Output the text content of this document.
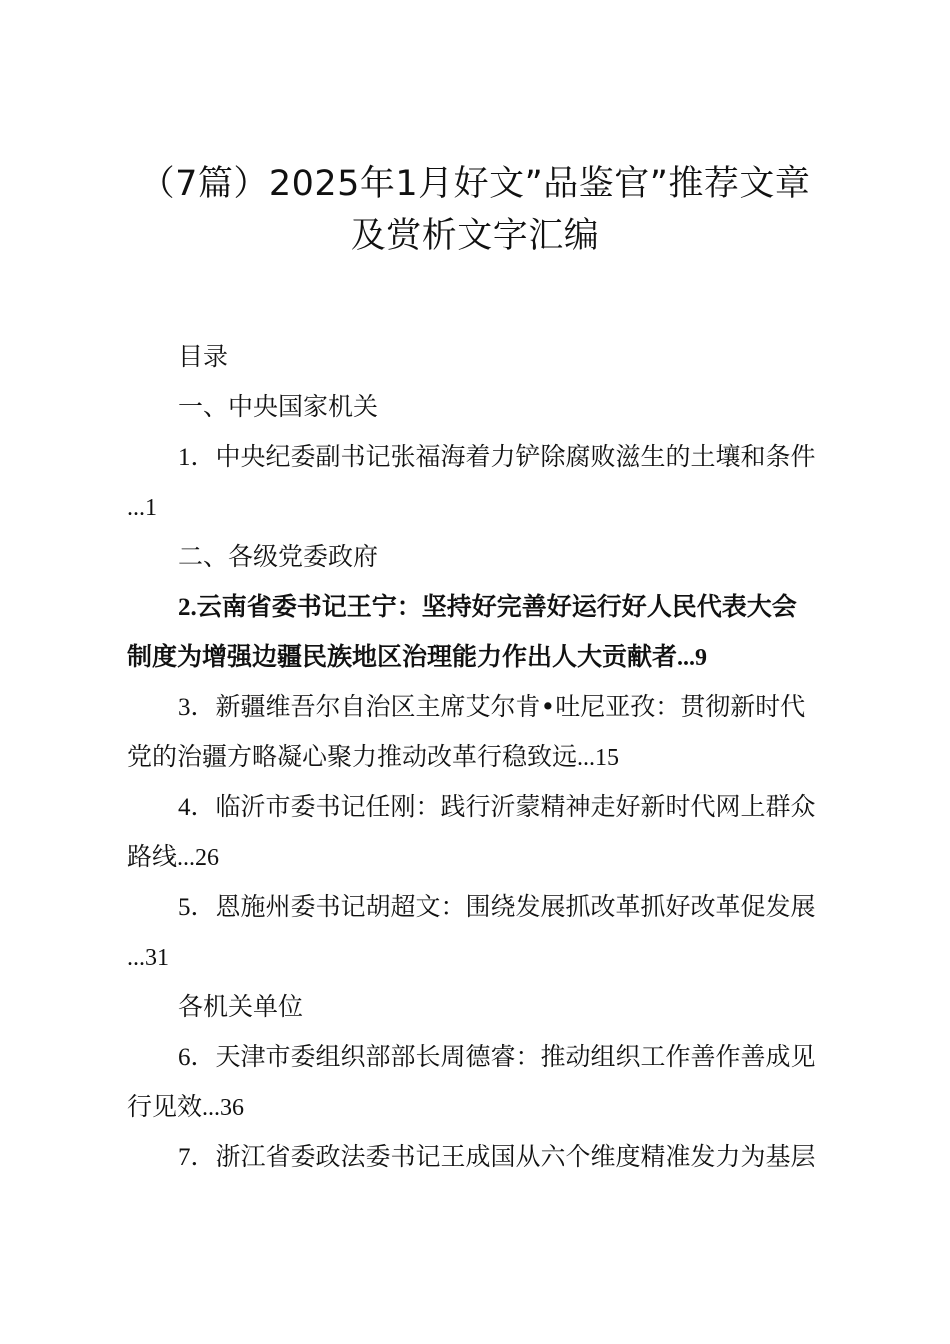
（7篇）2025年1月好文”品鉴官”推荐文章
及赏析文字汇编
目录
一、中央国家机关
1．中央纪委副书记张福海着力铲除腐败滋生的土壤和条件
...1
二、各级党委政府
2.云南省委书记王宁：坚持好完善好运行好人民代表大会
制度为增强边疆民族地区治理能力作出人大贡献者...9
3．新疆维吾尔自治区主席艾尔肯•吐尼亚孜：贯彻新时代
党的治疆方略凝心聚力推动改革行稳致远...15
4．临沂市委书记任刚：践行沂蒙精神走好新时代网上群众
路线...26
5．恩施州委书记胡超文：围绕发展抓改革抓好改革促发展
...31
各机关单位
6．天津市委组织部部长周德睿：推动组织工作善作善成见
行见效...36
7．浙江省委政法委书记王成国从六个维度精准发力为基层
